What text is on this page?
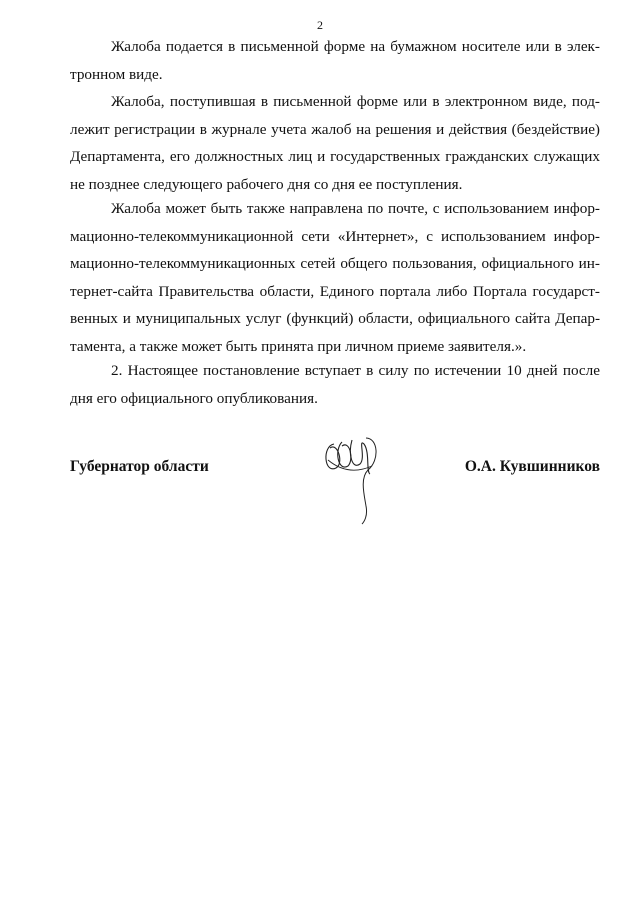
2
Жалоба подается в письменной форме на бумажном носителе или в элек-
тронном виде.
Жалоба, поступившая в письменной форме или в электронном виде, под-
лежит регистрации в журнале учета жалоб на решения и действия (бездействие)
Департамента, его должностных лиц и государственных гражданских служащих
не позднее следующего рабочего дня со дня ее поступления.
Жалоба может быть также направлена по почте, с использованием инфор-
мационно-телекоммуникационной сети «Интернет», с использованием инфор-
мационно-телекоммуникационных сетей общего пользования, официального ин-
тернет-сайта Правительства области, Единого портала либо Портала государст-
венных и муниципальных услуг (функций) области, официального сайта Депар-
тамента, а также может быть принята при личном приеме заявителя.».
2. Настоящее постановление вступает в силу по истечении 10 дней после
дня его официального опубликования.
Губернатор области	О.А. Кувшинников
